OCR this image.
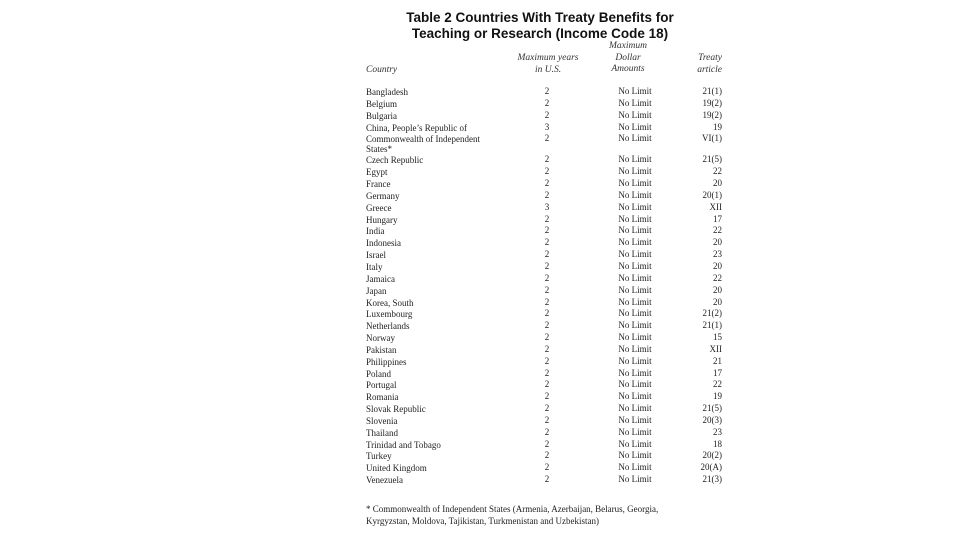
Table 2 Countries With Treaty Benefits for
Teaching or Research (Income Code 18)
Country
Maximum years
in U.S.
Maximum
Dollar
Amounts
Treaty
article
Bangladesh	2	No Limit	21(1)
Belgium	2	No Limit	19(2)
Bulgaria	2	No Limit	19(2)
China, People’s Republic of	3	No Limit	19
Commonwealth of Independent States*
2	No Limit	VI(1)
Czech Republic	2	No Limit	21(5)
Egypt	2	No Limit	22
France	2	No Limit	20
Germany	2	No Limit	20(1)
Greece	3	No Limit	XII
Hungary	2	No Limit	17
India	2	No Limit	22
Indonesia	2	No Limit	20
Israel	2	No Limit	23
Italy	2	No Limit	20
Jamaica	2	No Limit	22
Japan	2	No Limit	20
Korea, South	2	No Limit	20
Luxembourg	2	No Limit	21(2)
Netherlands	2	No Limit	21(1)
Norway	2	No Limit	15
Pakistan	2	No Limit	XII
Philippines	2	No Limit	21
Poland	2	No Limit	17
Portugal	2	No Limit	22
Romania	2	No Limit	19
Slovak Republic	2	No Limit	21(5)
Slovenia	2	No Limit	20(3)
Thailand	2	No Limit	23
Trinidad and Tobago	2	No Limit	18
Turkey	2	No Limit	20(2)
United Kingdom	2	No Limit	20(A)
Venezuela	2	No Limit	21(3)
* Commonwealth of Independent States (Armenia, Azerbaijan, Belarus, Georgia,
Kyrgyzstan, Moldova, Tajikistan, Turkmenistan and Uzbekistan)
